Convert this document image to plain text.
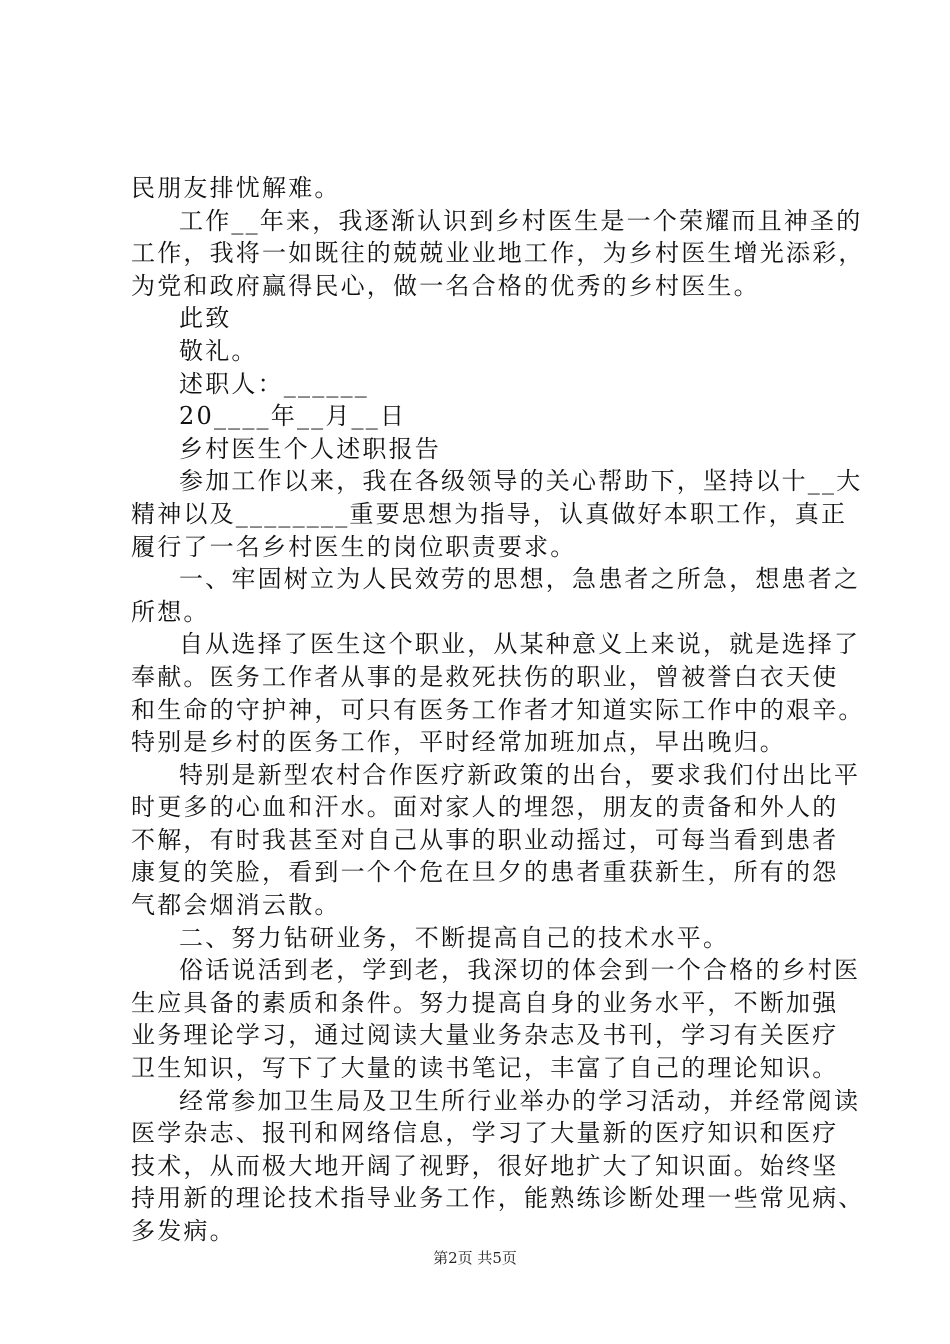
民朋友排忧解难。
工作__年来，我逐渐认识到乡村医生是一个荣耀而且神圣的
工作，我将一如既往的兢兢业业地工作，为乡村医生增光添彩，
为党和政府赢得民心，做一名合格的优秀的乡村医生。
此致
敬礼。
述职人：______
20____年__月__日
乡村医生个人述职报告
参加工作以来，我在各级领导的关心帮助下，坚持以十__大
精神以及________重要思想为指导，认真做好本职工作，真正
履行了一名乡村医生的岗位职责要求。
一、牢固树立为人民效劳的思想，急患者之所急，想患者之
所想。
自从选择了医生这个职业，从某种意义上来说，就是选择了
奉献。医务工作者从事的是救死扶伤的职业，曾被誉白衣天使
和生命的守护神，可只有医务工作者才知道实际工作中的艰辛。
特别是乡村的医务工作，平时经常加班加点，早出晚归。
特别是新型农村合作医疗新政策的出台，要求我们付出比平
时更多的心血和汗水。面对家人的埋怨，朋友的责备和外人的
不解，有时我甚至对自己从事的职业动摇过，可每当看到患者
康复的笑脸，看到一个个危在旦夕的患者重获新生，所有的怨
气都会烟消云散。
二、努力钻研业务，不断提高自己的技术水平。
俗话说活到老，学到老，我深切的体会到一个合格的乡村医
生应具备的素质和条件。努力提高自身的业务水平，不断加强
业务理论学习，通过阅读大量业务杂志及书刊，学习有关医疗
卫生知识，写下了大量的读书笔记，丰富了自己的理论知识。
经常参加卫生局及卫生所行业举办的学习活动，并经常阅读
医学杂志、报刊和网络信息，学习了大量新的医疗知识和医疗
技术，从而极大地开阔了视野，很好地扩大了知识面。始终坚
持用新的理论技术指导业务工作，能熟练诊断处理一些常见病、
多发病。
第2页 共5页
